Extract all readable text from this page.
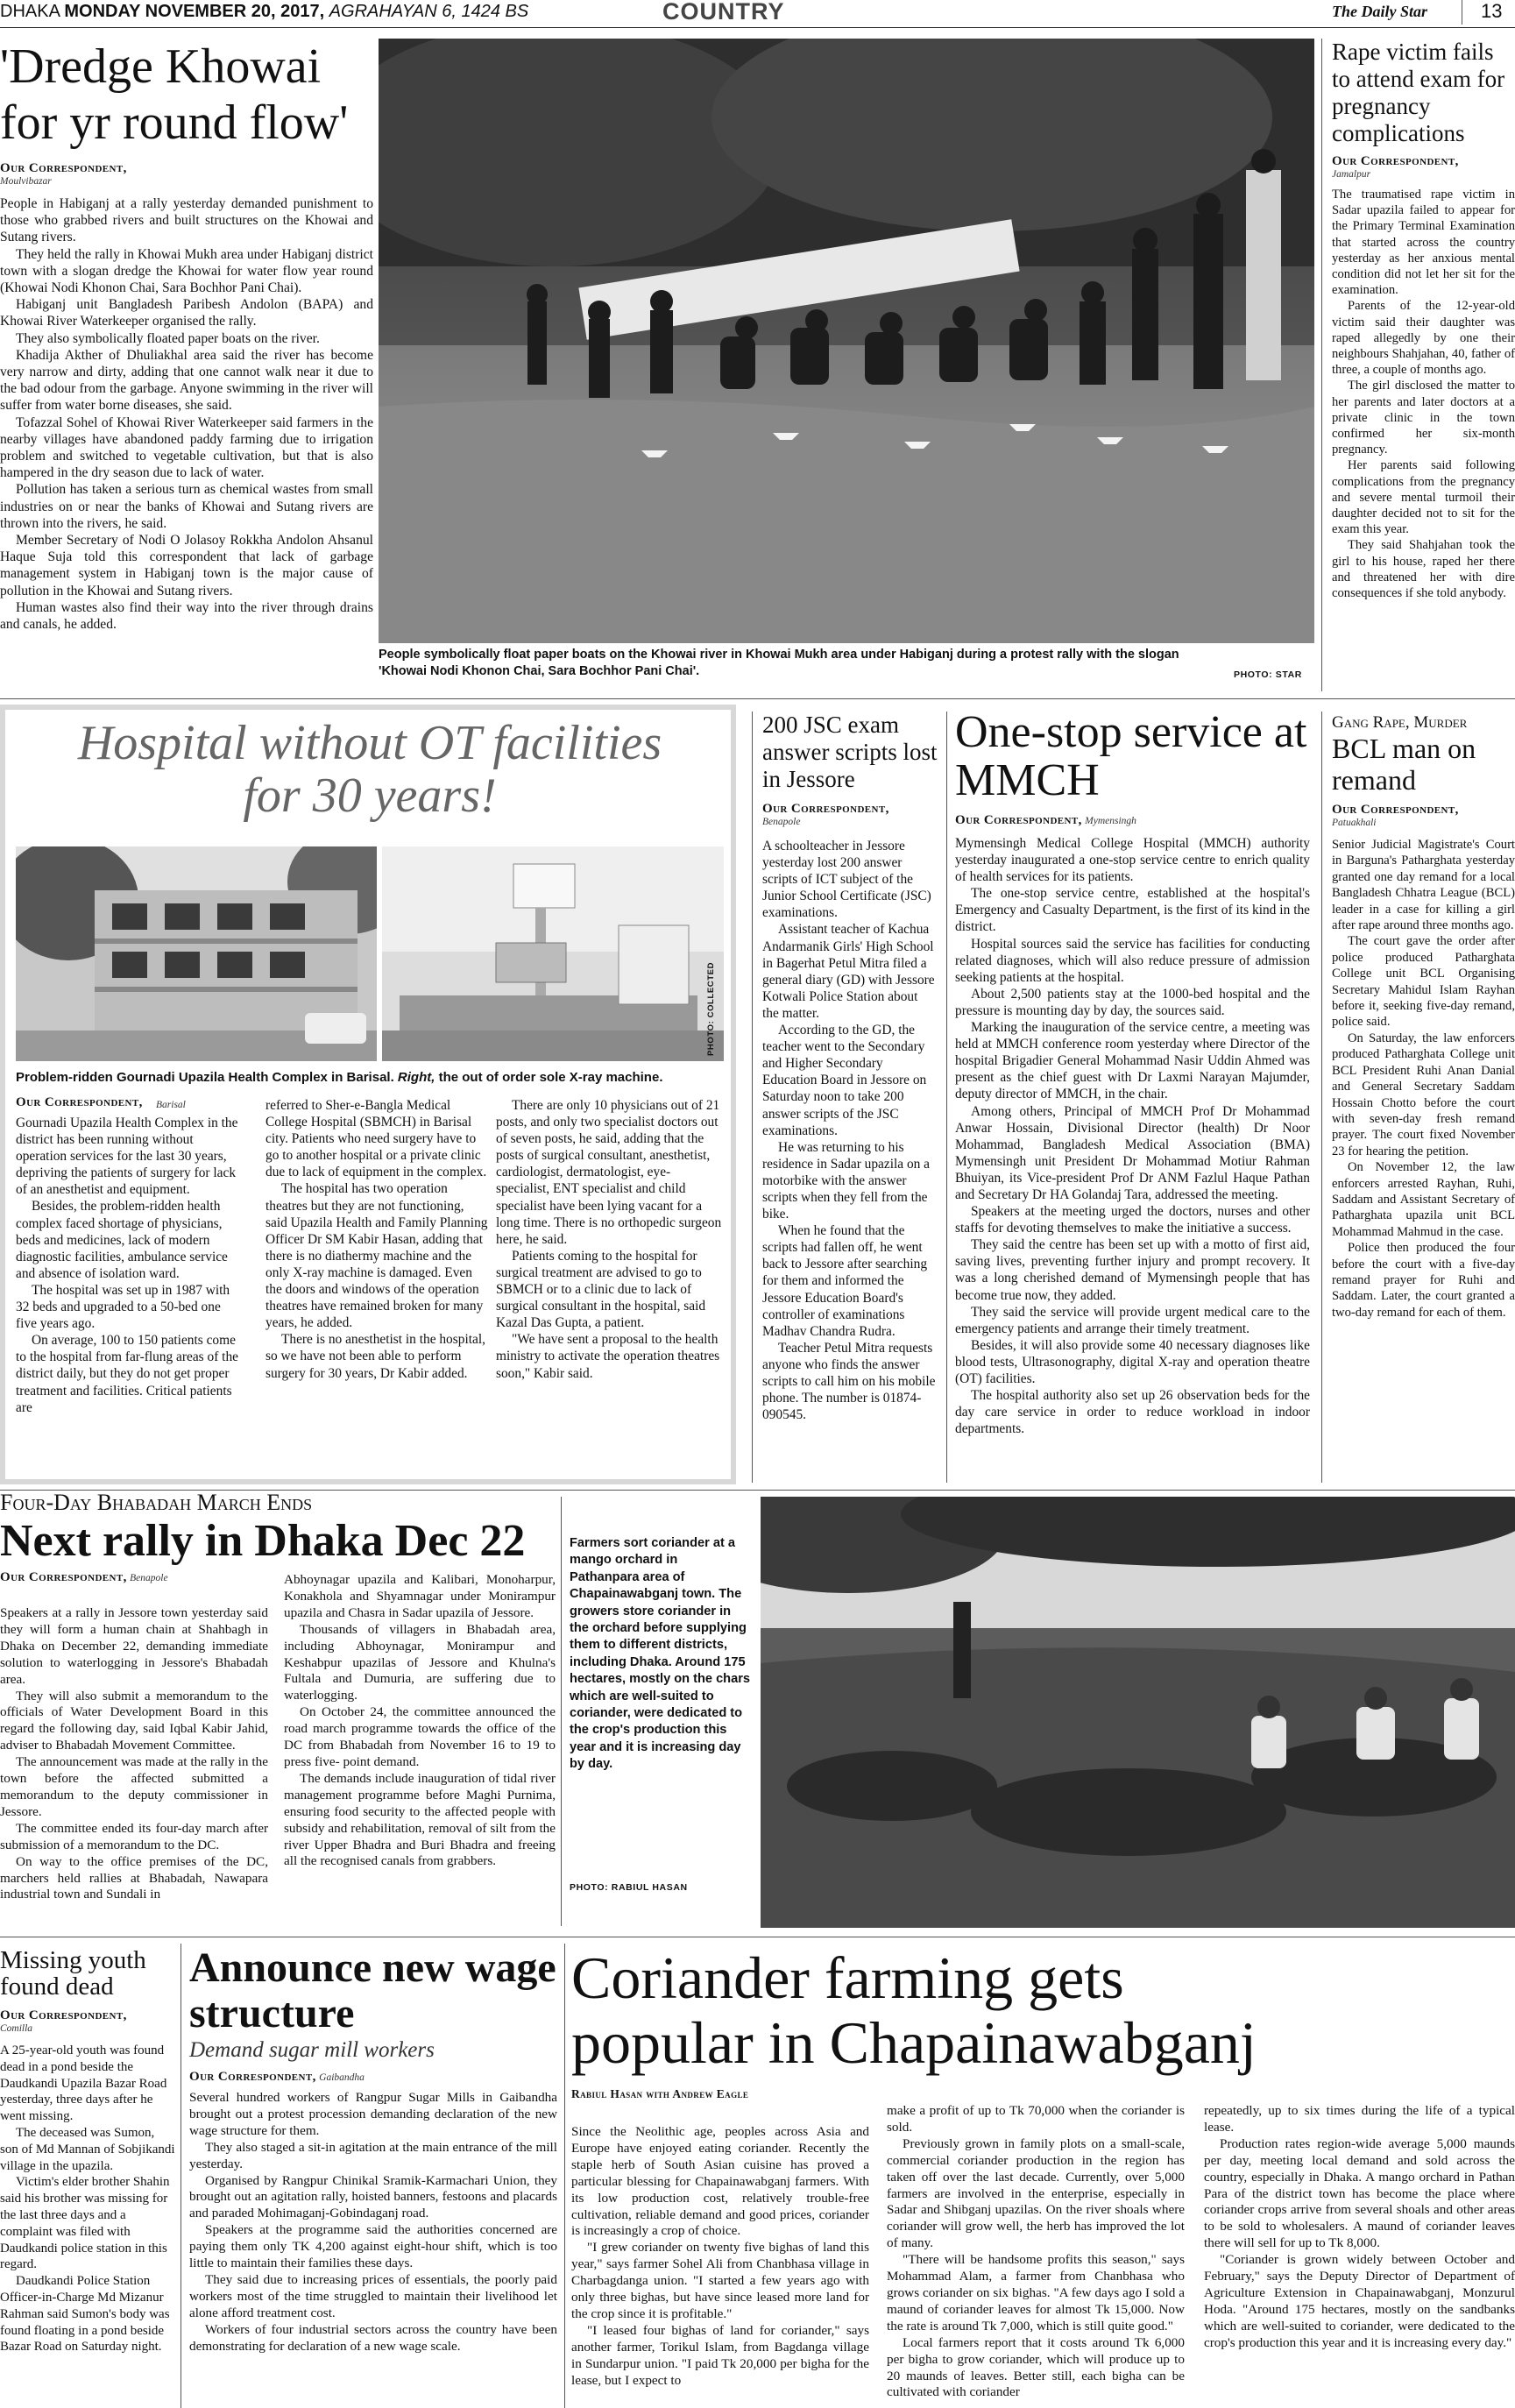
DHAKA MONDAY NOVEMBER 20, 2017, AGRAHAYAN 6, 1424 BS	COUNTRY	The Daily Star	13
'Dredge Khowai for yr round flow'
Our Correspondent,
Moulvibazar

People in Habiganj at a rally yesterday demanded punishment to those who grabbed rivers and built structures on the Khowai and Sutang rivers.

They held the rally in Khowai Mukh area under Habiganj district town with a slogan dredge the Khowai for water flow year round (Khowai Nodi Khonon Chai, Sara Bochhor Pani Chai).

Habiganj unit Bangladesh Paribesh Andolon (BAPA) and Khowai River Waterkeeper organised the rally.

They also symbolically floated paper boats on the river.

Khadija Akther of Dhuliakhal area said the river has become very narrow and dirty, adding that one cannot walk near it due to the bad odour from the garbage. Anyone swimming in the river will suffer from water borne diseases, she said.

Tofazzal Sohel of Khowai River Waterkeeper said farmers in the nearby villages have abandoned paddy farming due to irrigation problem and switched to vegetable cultivation, but that is also hampered in the dry season due to lack of water.

Pollution has taken a serious turn as chemical wastes from small industries on or near the banks of Khowai and Sutang rivers are thrown into the rivers, he said.

Member Secretary of Nodi O Jolasoy Rokkha Andolon Ahsanul Haque Suja told this correspondent that lack of garbage management system in Habiganj town is the major cause of pollution in the Khowai and Sutang rivers.

Human wastes also find their way into the river through drains and canals, he added.

People symbolically float paper boats on the Khowai river in Khowai Mukh area under Habiganj during a protest rally with the slogan 'Khowai Nodi Khonon Chai, Sara Bochhor Pani Chai'.	PHOTO: STAR
Rape victim fails to attend exam for pregnancy complications
Our Correspondent,
Jamalpur

The traumatised rape victim in Sadar upazila failed to appear for the Primary Terminal Examination that started across the country yesterday as her anxious mental condition did not let her sit for the examination.

Parents of the 12-year-old victim said their daughter was raped allegedly by one their neighbours Shahjahan, 40, father of three, a couple of months ago.

The girl disclosed the matter to her parents and later doctors at a private clinic in the town confirmed her six-month pregnancy.

Her parents said following complications from the pregnancy and severe mental turmoil their daughter decided not to sit for the exam this year.

They said Shahjahan took the girl to his house, raped her there and threatened her with dire consequences if she told anybody.

Hospital without OT facilities
for 30 years!
PHOTO: COLLECTED
Problem-ridden Gournadi Upazila Health Complex in Barisal. Right, the out of order sole X-ray machine.
Our Correspondent, Barisal

Gournadi Upazila Health Complex in the district has been running without operation services for the last 30 years, depriving the patients of surgery for lack of an anesthetist and equipment.

Besides, the problem-ridden health complex faced shortage of physicians, beds and medicines, lack of modern diagnostic facilities, ambulance service and absence of isolation ward.

The hospital was set up in 1987 with 32 beds and upgraded to a 50-bed one five years ago.

On average, 100 to 150 patients come to the hospital from far-flung areas of the district daily, but they do not get proper treatment and facilities. Critical patients are

referred to Sher-e-Bangla Medical College Hospital (SBMCH) in Barisal city. Patients who need surgery have to go to another hospital or a private clinic due to lack of equipment in the complex.

The hospital has two operation theatres but they are not functioning, said Upazila Health and Family Planning Officer Dr SM Kabir Hasan, adding that there is no diathermy machine and the only X-ray machine is damaged. Even the doors and windows of the operation theatres have remained broken for many years, he added.

There is no anesthetist in the hospital, so we have not been able to perform surgery for 30 years, Dr Kabir added.

There are only 10 physicians out of 21 posts, and only two specialist doctors out of seven posts, he said, adding that the posts of surgical consultant, anesthetist, cardiologist, dermatologist, eye-specialist, ENT specialist and child specialist have been lying vacant for a long time. There is no orthopedic surgeon here, he said.

Patients coming to the hospital for surgical treatment are advised to go to SBMCH or to a clinic due to lack of surgical consultant in the hospital, said Kazal Das Gupta, a patient.

"We have sent a proposal to the health ministry to activate the operation theatres soon," Kabir said.

200 JSC exam answer scripts lost in Jessore
Our Correspondent,
Benapole

A schoolteacher in Jessore yesterday lost 200 answer scripts of ICT subject of the Junior School Certificate (JSC) examinations.

Assistant teacher of Kachua Andarmanik Girls' High School in Bagerhat Petul Mitra filed a general diary (GD) with Jessore Kotwali Police Station about the matter.

According to the GD, the teacher went to the Secondary and Higher Secondary Education Board in Jessore on Saturday noon to take 200 answer scripts of the JSC examinations.

He was returning to his residence in Sadar upazila on a motorbike with the answer scripts when they fell from the bike.

When he found that the scripts had fallen off, he went back to Jessore after searching for them and informed the Jessore Education Board's controller of examinations Madhav Chandra Rudra.

Teacher Petul Mitra requests anyone who finds the answer scripts to call him on his mobile phone. The number is 01874-090545.

One-stop service at MMCH
Our Correspondent, Mymensingh

Mymensingh Medical College Hospital (MMCH) authority yesterday inaugurated a one-stop service centre to enrich quality of health services for its patients.

The one-stop service centre, established at the hospital's Emergency and Casualty Department, is the first of its kind in the district.

Hospital sources said the service has facilities for conducting related diagnoses, which will also reduce pressure of admission seeking patients at the hospital.

About 2,500 patients stay at the 1000-bed hospital and the pressure is mounting day by day, the sources said.

Marking the inauguration of the service centre, a meeting was held at MMCH conference room yesterday where Director of the hospital Brigadier General Mohammad Nasir Uddin Ahmed was present as the chief guest with Dr Laxmi Narayan Majumder, deputy director of MMCH, in the chair.

Among others, Principal of MMCH Prof Dr Mohammad Anwar Hossain, Divisional Director (health) Dr Noor Mohammad, Bangladesh Medical Association (BMA) Mymensingh unit President Dr Mohammad Motiur Rahman Bhuiyan, its Vice-president Prof Dr ANM Fazlul Haque Pathan and Secretary Dr HA Golandaj Tara, addressed the meeting.

Speakers at the meeting urged the doctors, nurses and other staffs for devoting themselves to make the initiative a success.

They said the centre has been set up with a motto of first aid, saving lives, preventing further injury and prompt recovery. It was a long cherished demand of Mymensingh people that has become true now, they added.

They said the service will provide urgent medical care to the emergency patients and arrange their timely treatment.

Besides, it will also provide some 40 necessary diagnoses like blood tests, Ultrasonography, digital X-ray and operation theatre (OT) facilities.

The hospital authority also set up 26 observation beds for the day care service in order to reduce workload in indoor departments.

Gang Rape, Murder
BCL man on remand
Our Correspondent,
Patuakhali

Senior Judicial Magistrate's Court in Barguna's Patharghata yesterday granted one day remand for a local Bangladesh Chhatra League (BCL) leader in a case for killing a girl after rape around three months ago.

The court gave the order after police produced Patharghata College unit BCL Organising Secretary Mahidul Islam Rayhan before it, seeking five-day remand, police said.

On Saturday, the law enforcers produced Patharghata College unit BCL President Ruhi Anan Danial and General Secretary Saddam Hossain Chotto before the court with seven-day fresh remand prayer. The court fixed November 23 for hearing the petition.

On November 12, the law enforcers arrested Rayhan, Ruhi, Saddam and Assistant Secretary of Patharghata upazila unit BCL Mohammad Mahmud in the case.

Police then produced the four before the court with a five-day remand prayer for Ruhi and Saddam. Later, the court granted a two-day remand for each of them.

Four-Day Bhabadah March Ends
Next rally in Dhaka Dec 22
Our Correspondent, Benapole

Speakers at a rally in Jessore town yesterday said they will form a human chain at Shahbagh in Dhaka on December 22, demanding immediate solution to waterlogging in Jessore's Bhabadah area.

They will also submit a memorandum to the officials of Water Development Board in this regard the following day, said Iqbal Kabir Jahid, adviser to Bhabadah Movement Committee.

The announcement was made at the rally in the town before the affected submitted a memorandum to the deputy commissioner in Jessore.

The committee ended its four-day march after submission of a memorandum to the DC.

On way to the office premises of the DC, marchers held rallies at Bhabadah, Nawapara industrial town and Sundali in

Abhoynagar upazila and Kalibari, Monoharpur, Konakhola and Shyamnagar under Monirampur upazila and Chasra in Sadar upazila of Jessore.

Thousands of villagers in Bhabadah area, including Abhoynagar, Monirampur and Keshabpur upazilas of Jessore and Khulna's Fultala and Dumuria, are suffering due to waterlogging.

On October 24, the committee announced the road march programme towards the office of the DC from Bhabadah from November 16 to 19 to press five- point demand.

The demands include inauguration of tidal river management programme before Maghi Purnima, ensuring food security to the affected people with subsidy and rehabilitation, removal of silt from the river Upper Bhadra and Buri Bhadra and freeing all the recognised canals from grabbers.

Farmers sort coriander at a mango orchard in Pathanpara area of Chapainawabganj town. The growers store coriander in the orchard before supplying them to different districts, including Dhaka. Around 175 hectares, mostly on the chars which are well-suited to coriander, were dedicated to the crop's production this year and it is increasing day by day.
PHOTO: RABIUL HASAN
Missing youth found dead
Our Correspondent,
Comilla

A 25-year-old youth was found dead in a pond beside the Daudkandi Upazila Bazar Road yesterday, three days after he went missing.

The deceased was Sumon, son of Md Mannan of Sobjikandi village in the upazila.

Victim's elder brother Shahin said his brother was missing for the last three days and a complaint was filed with Daudkandi police station in this regard.

Daudkandi Police Station Officer-in-Charge Md Mizanur Rahman said Sumon's body was found floating in a pond beside Bazar Road on Saturday night.

Announce new wage structure
Demand sugar mill workers
Our Correspondent, Gaibandha

Several hundred workers of Rangpur Sugar Mills in Gaibandha brought out a protest procession demanding declaration of the new wage structure for them.

They also staged a sit-in agitation at the main entrance of the mill yesterday.

Organised by Rangpur Chinikal Sramik-Karmachari Union, they brought out an agitation rally, hoisted banners, festoons and placards and paraded Mohimaganj-Gobindaganj road.

Speakers at the programme said the authorities concerned are paying them only TK 4,200 against eight-hour shift, which is too little to maintain their families these days.

They said due to increasing prices of essentials, the poorly paid workers most of the time struggled to maintain their livelihood let alone afford treatment cost.

Workers of four industrial sectors across the country have been demonstrating for declaration of a new wage scale.

Coriander farming gets popular in Chapainawabganj
Rabiul Hasan with Andrew Eagle

Since the Neolithic age, peoples across Asia and Europe have enjoyed eating coriander. Recently the staple herb of South Asian cuisine has proved a particular blessing for Chapainawabganj farmers. With its low production cost, relatively trouble-free cultivation, reliable demand and good prices, coriander is increasingly a crop of choice.

"I grew coriander on twenty five bighas of land this year," says farmer Sohel Ali from Chanbhasa village in Charbagdanga union. "I started a few years ago with only three bighas, but have since leased more land for the crop since it is profitable."

"I leased four bighas of land for coriander," says another farmer, Torikul Islam, from Bagdanga village in Sundarpur union. "I paid Tk 20,000 per bigha for the lease, but I expect to

make a profit of up to Tk 70,000 when the coriander is sold.

Previously grown in family plots on a small-scale, commercial coriander production in the region has taken off over the last decade. Currently, over 5,000 farmers are involved in the enterprise, especially in Sadar and Shibganj upazilas. On the river shoals where coriander will grow well, the herb has improved the lot of many.

"There will be handsome profits this season," says Mohammad Alam, a farmer from Chanbhasa who grows coriander on six bighas. "A few days ago I sold a maund of coriander leaves for almost Tk 15,000. Now the rate is around Tk 7,000, which is still quite good."

Local farmers report that it costs around Tk 6,000 per bigha to grow coriander, which will produce up to 20 maunds of leaves. Better still, each bigha can be cultivated with coriander

repeatedly, up to six times during the life of a typical lease.

Production rates region-wide average 5,000 maunds per day, meeting local demand and sold across the country, especially in Dhaka. A mango orchard in Pathan Para of the district town has become the place where coriander crops arrive from several shoals and other areas to be sold to wholesalers. A maund of coriander leaves there will sell for up to Tk 8,000.

"Coriander is grown widely between October and February," says the Deputy Director of Department of Agriculture Extension in Chapainawabganj, Monzurul Hoda. "Around 175 hectares, mostly on the sandbanks which are well-suited to coriander, were dedicated to the crop's production this year and it is increasing every day."
